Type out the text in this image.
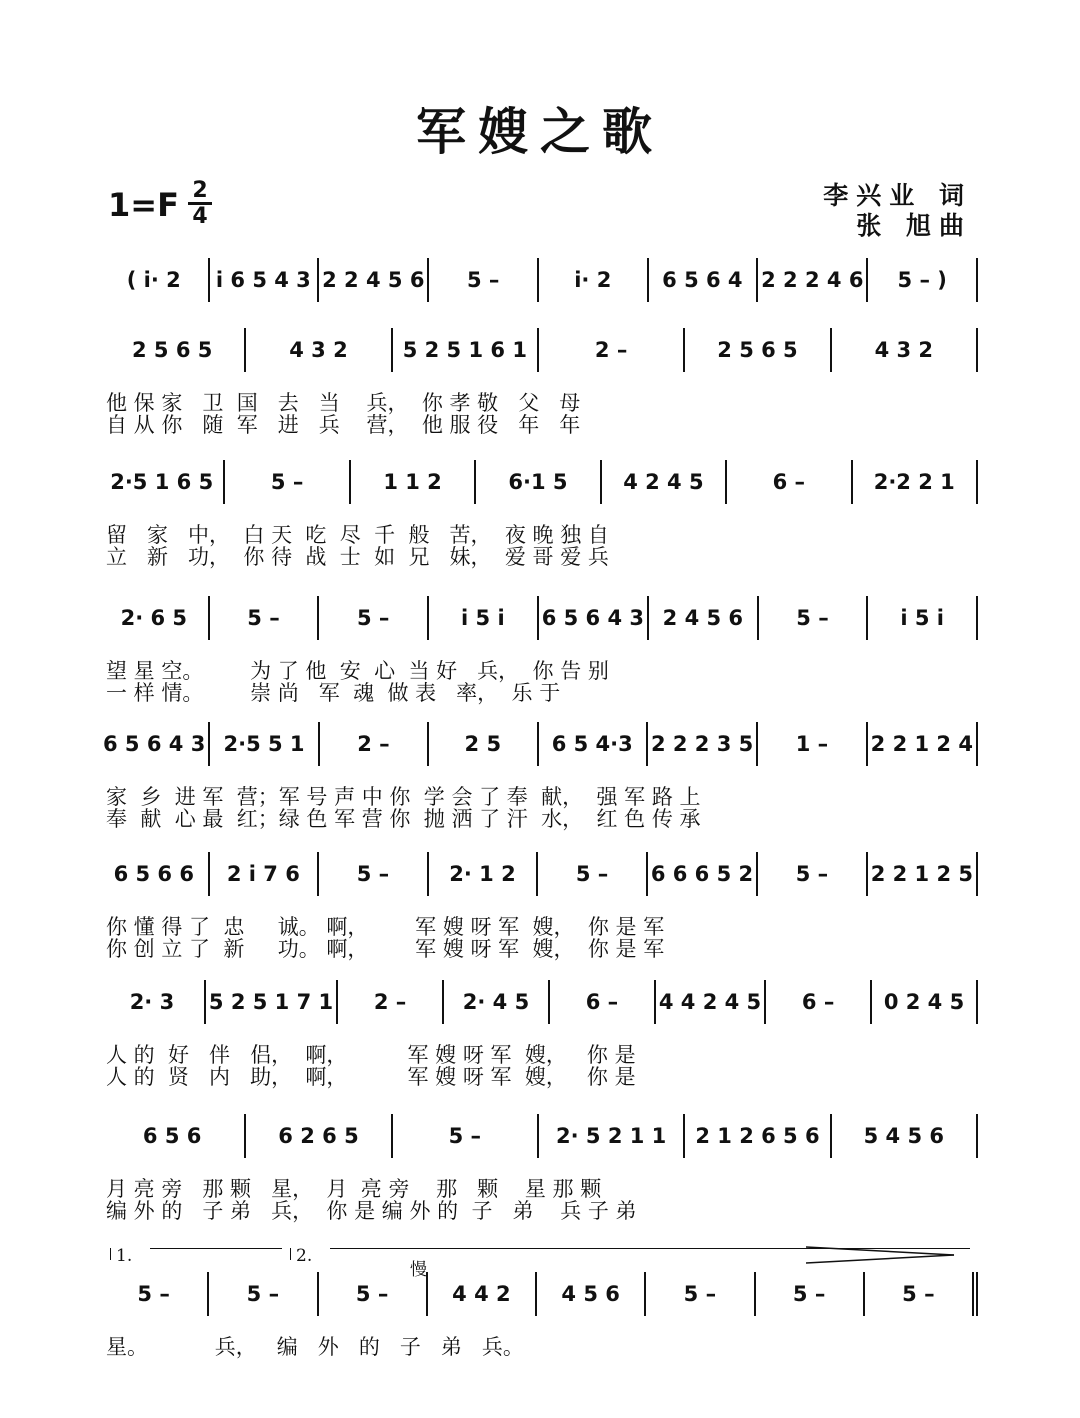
军嫂之歌
1=F 2
4
李兴业 词
张 旭曲
( i· 2	i 6 5 4 3 2 2 4 5 6	5 –	i· 2	6 5 6 4 2 2 2 4 6	5 – )
2 5 6 5	4 3 2	5 2 5 1 6 1	2 –	2 5 6 5	4 3 2
他 保 家   卫  国   去   当    兵，  你 孝 敬   父   母
自 从 你   随  军   进   兵    营，  他 服 役   年   年
2·5 1 6 5	5 –	1 1 2	6·1 5	4 2 4 5	6 –	2·2 2 1
留   家   中，  白 天  吃  尽  千  般   苦，  夜 晚 独 自
立   新   功，  你 待  战  士  如  兄   妹，  爱 哥 爱 兵
2· 6 5	5 –	5 –	i 5 i	6 5 6 4 3 2 4 5 6	5 –	i 5 i
望 星 空。       为 了 他  安  心  当 好   兵，  你 告 别
一 样 情。       崇 尚   军  魂  做 表   率，  乐 于
6 5 6 4 3 2·5 5 1	2 –	2 5	6 5 4·3 2 2 2 3 5	1 –	2 2 1 2 4
家  乡  进 军  营；军 号 声 中 你  学 会 了 奉  献，  强 军 路 上
奉  献  心 最  红；绿 色 军 营 你  抛 洒 了 汗  水，  红 色 传 承
6 5 6 6	2 i 7 6	5 –	2· 1 2	5 –	6 6 6 5 2	5 –	2 2 1 2 5
你 懂 得 了  忠     诚。 啊，       军 嫂 呀 军  嫂，  你 是 军
你 创 立 了  新     功。 啊，       军 嫂 呀 军  嫂，  你 是 军
2· 3	5 2 5 1 7 1	2 –	2· 4 5	6 –	4 4 2 4 5	6 –	0 2 4 5
人 的  好   伴   侣，  啊，         军 嫂 呀 军  嫂，   你 是
人 的  贤   内   助，  啊，         军 嫂 呀 军  嫂，   你 是
6 5 6	6 2 6 5	5 –	2· 5 2 1 1	2 1 2 6 5 6	5 4 5 6
月 亮 旁   那 颗   星，  月  亮 旁    那   颗    星 那 颗
编 外 的   子 弟   兵，  你 是 编 外 的  子   弟    兵 子 弟
5 –	5 –	5 –	4 4 2	4 5 6	5 –	5 –	5 –
星。          兵，   编   外   的   子   弟   兵。
1.	2.
慢
